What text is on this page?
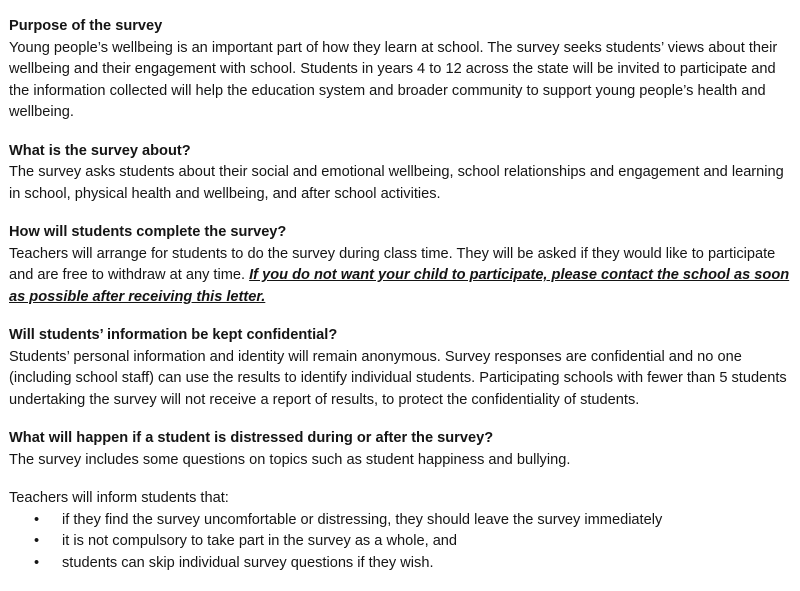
Purpose of the survey
Young people’s wellbeing is an important part of how they learn at school. The survey seeks students’ views about their wellbeing and their engagement with school. Students in years 4 to 12 across the state will be invited to participate and the information collected will help the education system and broader community to support young people’s health and wellbeing.
What is the survey about?
The survey asks students about their social and emotional wellbeing, school relationships and engagement and learning in school, physical health and wellbeing, and after school activities.
How will students complete the survey?
Teachers will arrange for students to do the survey during class time. They will be asked if they would like to participate and are free to withdraw at any time. If you do not want your child to participate, please contact the school as soon as possible after receiving this letter.
Will students’ information be kept confidential?
Students’ personal information and identity will remain anonymous. Survey responses are confidential and no one (including school staff) can use the results to identify individual students. Participating schools with fewer than 5 students undertaking the survey will not receive a report of results, to protect the confidentiality of students.
What will happen if a student is distressed during or after the survey?
The survey includes some questions on topics such as student happiness and bullying.
Teachers will inform students that:
• if they find the survey uncomfortable or distressing, they should leave the survey immediately
• it is not compulsory to take part in the survey as a whole, and
• students can skip individual survey questions if they wish.
